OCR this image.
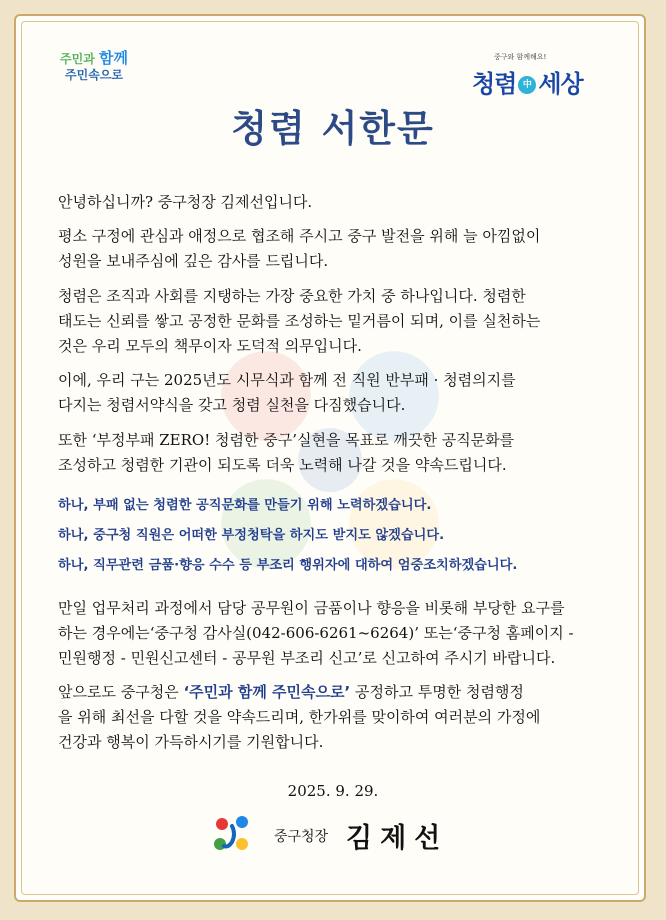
주민과 함께
주민속으로
중구와 함께해요!
청렴 中 세상
청렴 서한문
안녕하십니까? 중구청장 김제선입니다.
평소 구정에 관심과 애정으로 협조해 주시고 중구 발전을 위해 늘 아낌없이
성원을 보내주심에 깊은 감사를 드립니다.
청렴은 조직과 사회를 지탱하는 가장 중요한 가치 중 하나입니다. 청렴한
태도는 신뢰를 쌓고 공정한 문화를 조성하는 밑거름이 되며, 이를 실천하는
것은 우리 모두의 책무이자 도덕적 의무입니다.
이에, 우리 구는 2025년도 시무식과 함께 전 직원 반부패 · 청렴의지를
다지는 청렴서약식을 갖고 청렴 실천을 다짐했습니다.
또한 ‘부정부패 ZERO! 청렴한 중구’실현을 목표로 깨끗한 공직문화를
조성하고 청렴한 기관이 되도록 더욱 노력해 나갈 것을 약속드립니다.
하나, 부패 없는 청렴한 공직문화를 만들기 위해 노력하겠습니다.
하나, 중구청 직원은 어떠한 부정청탁을 하지도 받지도 않겠습니다.
하나, 직무관련 금품·향응 수수 등 부조리 행위자에 대하여 엄중조치하겠습니다.
만일 업무처리 과정에서 담당 공무원이 금품이나 향응을 비롯해 부당한 요구를
하는 경우에는‘중구청 감사실(042-606-6261~6264)’ 또는‘중구청 홈페이지 -
민원행정 - 민원신고센터 - 공무원 부조리 신고’로 신고하여 주시기 바랍니다.
앞으로도 중구청은 ‘주민과 함께 주민속으로’ 공정하고 투명한 청렴행정
을 위해 최선을 다할 것을 약속드리며, 한가위를 맞이하여 여러분의 가정에
건강과 행복이 가득하시기를 기원합니다.
2025. 9. 29.
중구청장 김제선
